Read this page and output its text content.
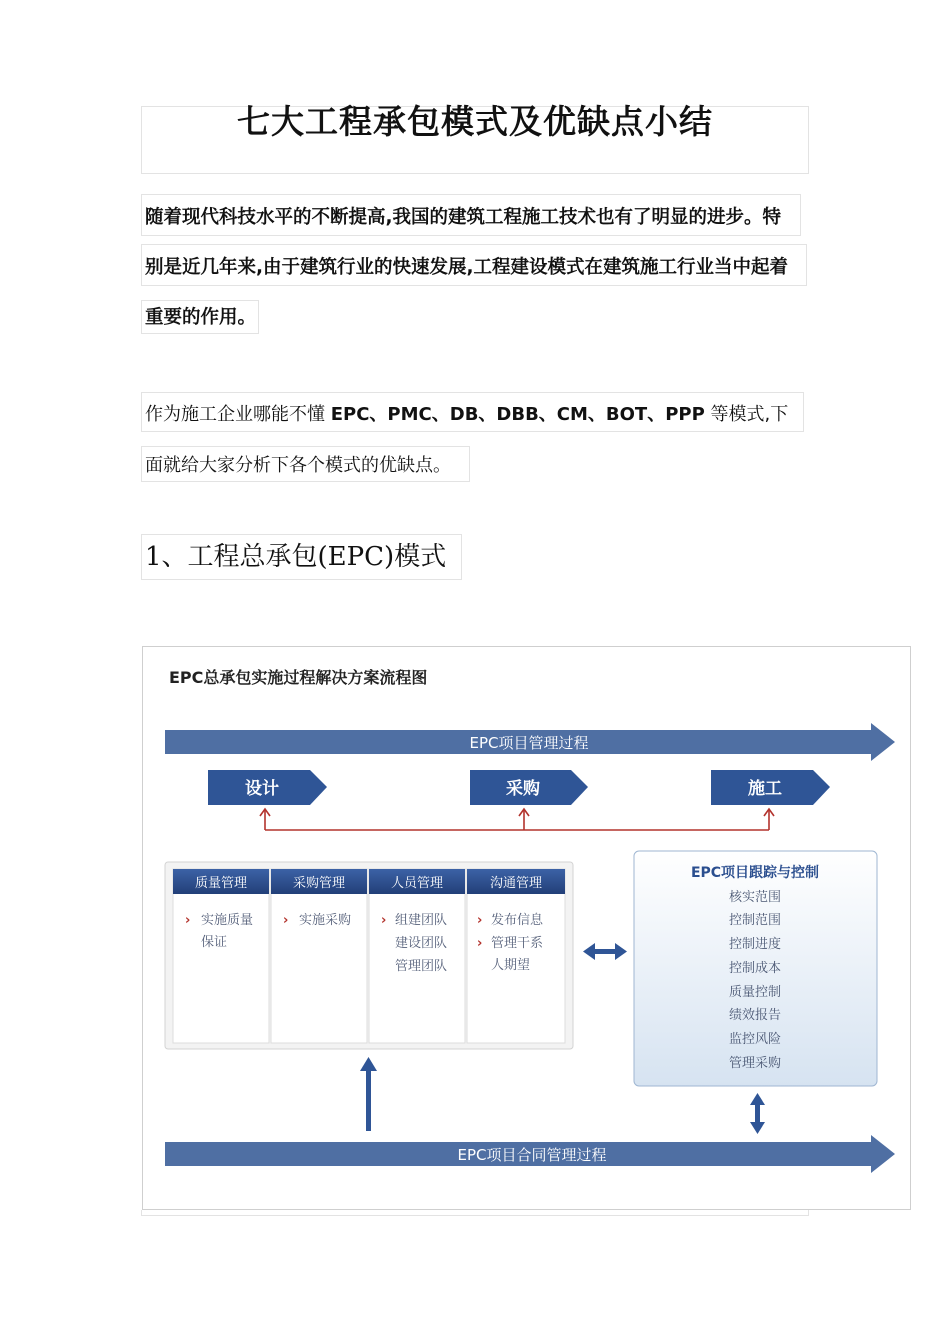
七大工程承包模式及优缺点小结
随着现代科技水平的不断提高,我国的建筑工程施工技术也有了明显的进步。特
别是近几年来,由于建筑行业的快速发展,工程建设模式在建筑施工行业当中起着
重要的作用。
作为施工企业哪能不懂 EPC、PMC、DB、DBB、CM、BOT、PPP 等模式,下
面就给大家分析下各个模式的优缺点。
1、工程总承包(EPC)模式
EPC总承包实施过程解决方案流程图
EPC项目管理过程
设计	采购	施工
质量管理	采购管理	人员管理	沟通管理
› 实施质量
保证
› 实施采购 › 组建团队
建设团队
管理团队
› 发布信息
› 管理干系
人期望
EPC项目跟踪与控制
核实范围
控制范围
控制进度
控制成本
质量控制
绩效报告
监控风险
管理采购
EPC项目合同管理过程
